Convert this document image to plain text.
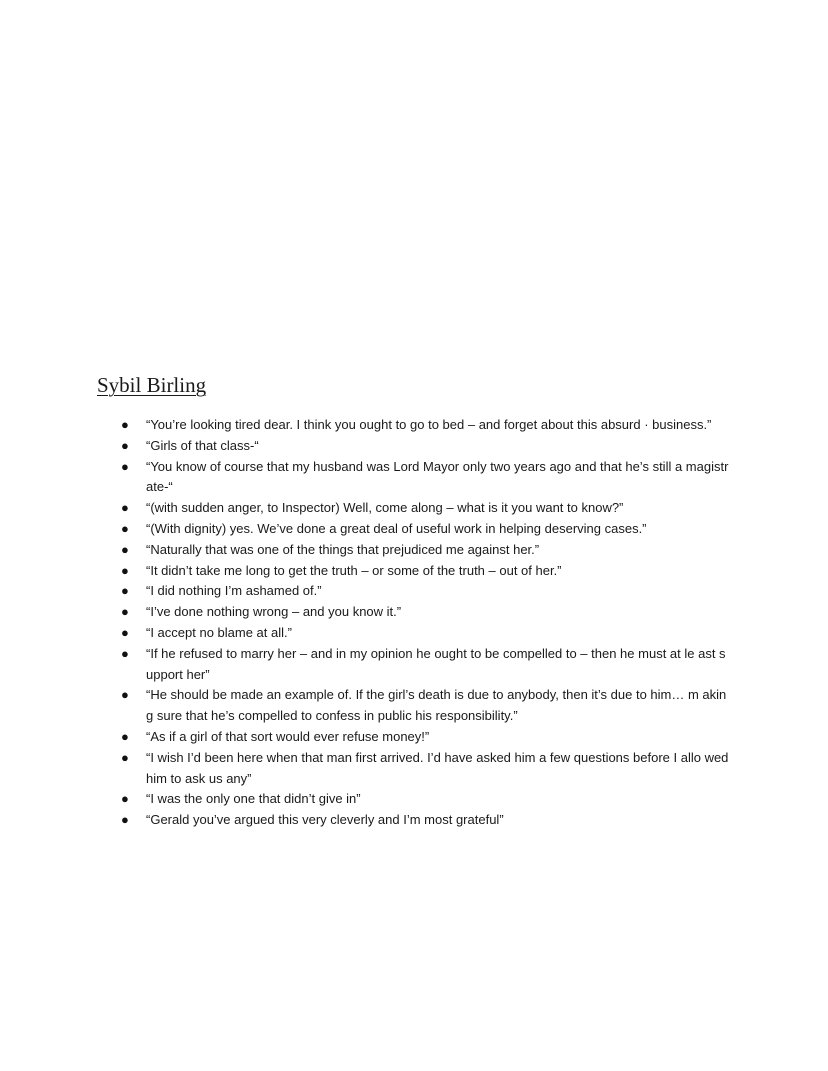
Sybil Birling
● “You’re looking tired dear. I think you ought to go to bed – and forget about this absurd · business.”
● “Girls of that class-“
● “You know of course that my husband was Lord Mayor only two years ago and that he’s still a magistrate-“
● “(with sudden anger, to Inspector) Well, come along – what is it you want to know?”
● “(With dignity) yes. We’ve done a great deal of useful work in helping deserving cases.”
● “Naturally that was one of the things that prejudiced me against her.”
● “It didn’t take me long to get the truth – or some of the truth – out of her.”
● “I did nothing I’m ashamed of.”
● “I’ve done nothing wrong – and you know it.”
● “I accept no blame at all.”
● “If he refused to marry her – and in my opinion he ought to be compelled to – then he must at le ast support her”
● “He should be made an example of. If the girl’s death is due to anybody, then it’s due to him… m aking sure that he’s compelled to confess in public his responsibility.”
● “As if a girl of that sort would ever refuse money!”
● “I wish I’d been here when that man first arrived. I’d have asked him a few questions before I allo wed him to ask us any”
● “I was the only one that didn’t give in”
● “Gerald you’ve argued this very cleverly and I’m most grateful”
